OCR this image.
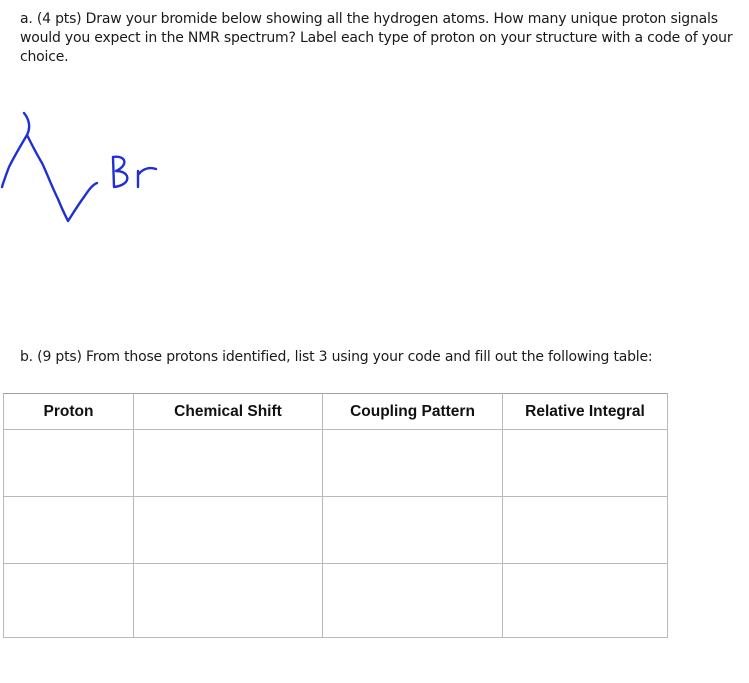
a. (4 pts) Draw your bromide below showing all the hydrogen atoms. How many unique proton signals would you expect in the NMR spectrum? Label each type of proton on your structure with a code of your choice.

b. (9 pts) From those protons identified, list 3 using your code and fill out the following table:

Proton	Chemical Shift	Coupling Pattern	Relative Integral
